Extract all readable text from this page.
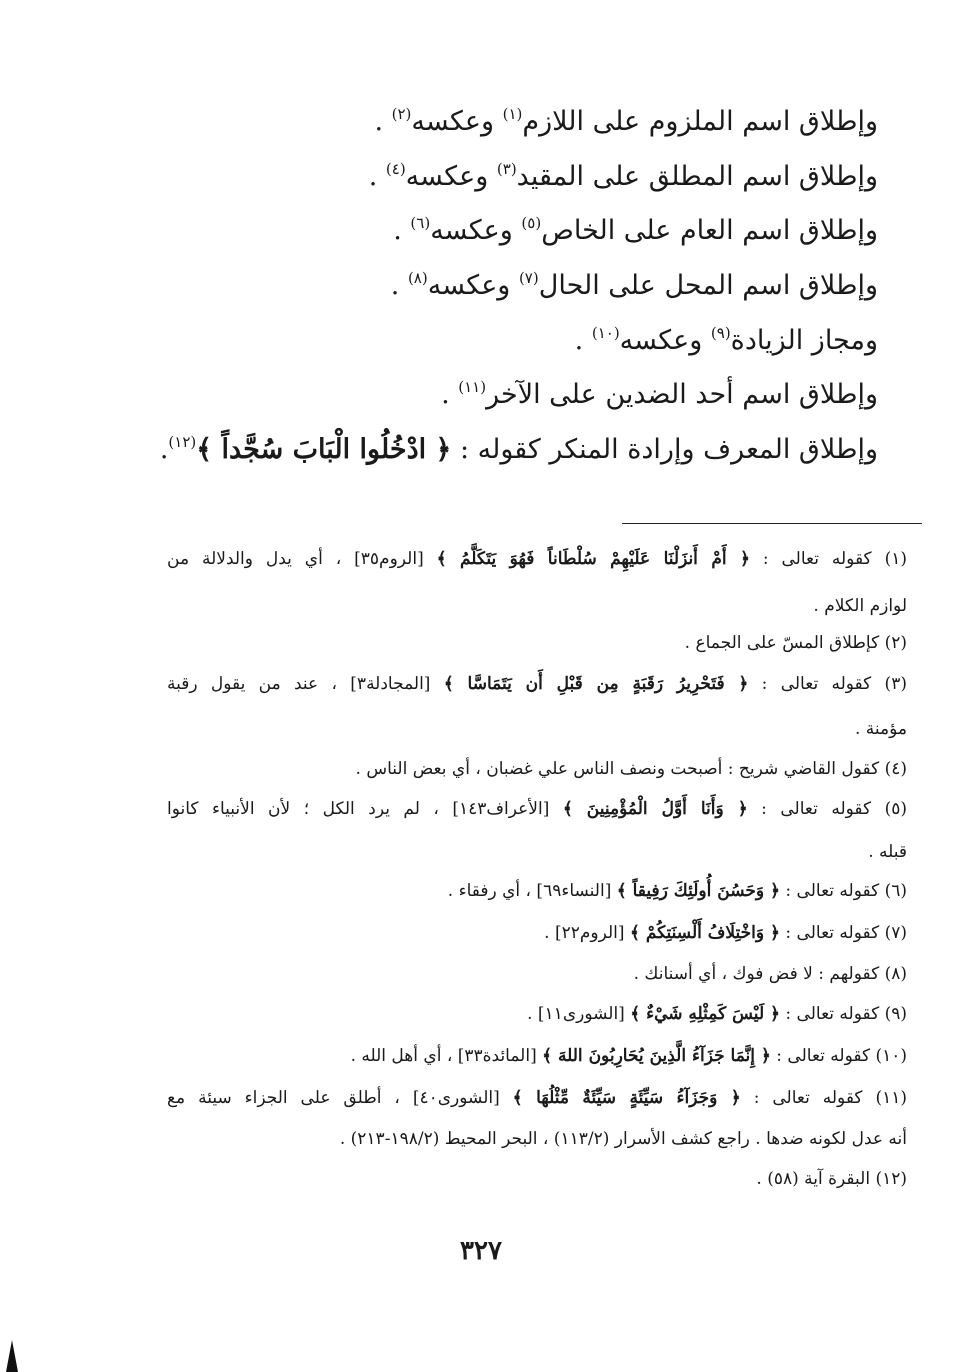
وإطلاق اسم الملزوم على اللازم$^{(١)}$ وعكسه$^{(٢)}$ .
وإطلاق اسم المطلق على المقيد$^{(٣)}$ وعكسه$^{(٤)}$ .
وإطلاق اسم العام على الخاص$^{(٥)}$ وعكسه$^{(٦)}$ .
وإطلاق اسم المحل على الحال$^{(٧)}$ وعكسه$^{(٨)}$ .
ومجاز الزيادة$^{(٩)}$ وعكسه$^{(١٠)}$ .
وإطلاق اسم أحد الضدين على الآخر$^{(١١)}$ .
وإطلاق المعرف وإرادة المنكر كقوله : ﴿ ادْخُلُوا الْبَابَ سُجَّداً ﴾$^{(١٢)}$.
(١) كقوله تعالى : ﴿ أَمْ أَنزَلْنَا عَلَيْهِمْ سُلْطَاناً فَهُوَ يَتَكَلَّمُ ﴾ [الروم٣٥] ، أي يدل والدلالة من
لوازم الكلام .
(٢) كإطلاق المسّ على الجماع .
(٣) كقوله تعالى : ﴿ فَتَحْرِيرُ رَقَبَةٍ مِن قَبْلِ أَن يَتَمَاسَّا ﴾ [المجادلة٣] ، عند من يقول رقبة
مؤمنة .
(٤) كقول القاضي شريح : أصبحت ونصف الناس علي غضبان ، أي بعض الناس .
(٥) كقوله تعالى : ﴿ وَأَنَا أَوَّلُ الْمُؤْمِنِينَ ﴾ [الأعراف١٤٣] ، لم يرد الكل ؛ لأن الأنبياء كانوا
قبله .
(٦) كقوله تعالى : ﴿ وَحَسُنَ أُولَئِكَ رَفِيقاً ﴾ [النساء٦٩] ، أي رفقاء .
(٧) كقوله تعالى : ﴿ وَاخْتِلَافُ أَلْسِنَتِكُمْ ﴾ [الروم٢٢] .
(٨) كقولهم : لا فض فوك ، أي أسنانك .
(٩) كقوله تعالى : ﴿ لَيْسَ كَمِثْلِهِ شَيْءٌ ﴾ [الشورى١١] .
(١٠) كقوله تعالى : ﴿ إِنَّمَا جَزَآءُ الَّذِينَ يُحَارِبُونَ اللهَ ﴾ [المائدة٣٣] ، أي أهل الله .
(١١) كقوله تعالى : ﴿ وَجَزَآءُ سَيِّئَةٍ سَيِّئَةٌ مِّثْلُهَا ﴾ [الشورى٤٠] ، أطلق على الجزاء سيئة مع
أنه عدل لكونه ضدها . راجع كشف الأسرار (١١٣/٢) ، البحر المحيط (١٩٨/٢-٢١٣) .
(١٢) البقرة آية (٥٨) .
٣٢٧
